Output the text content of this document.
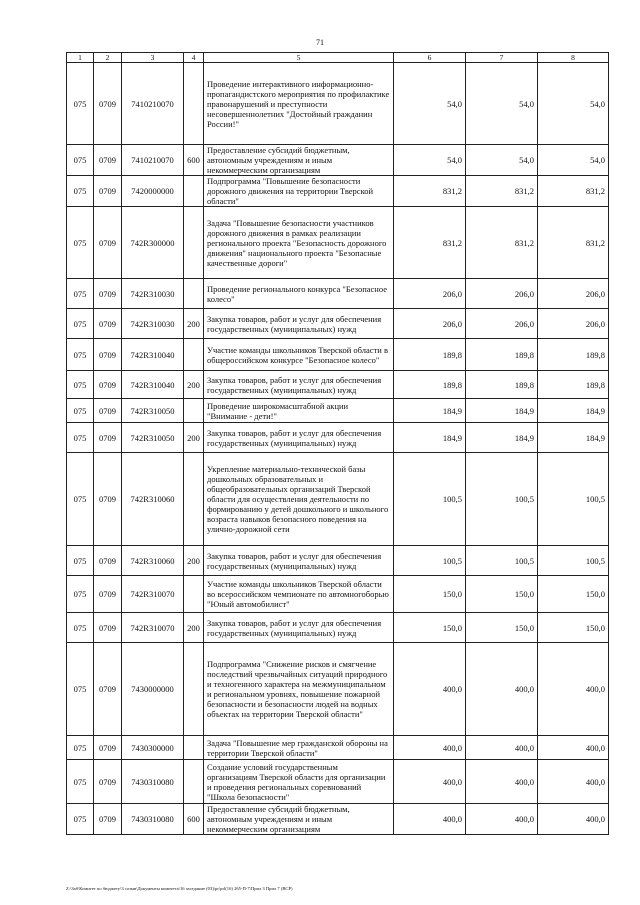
71
1	2	3	4	5	6	7	8
075	0709	7410210070		Проведение интерактивного информационно-пропагандистского мероприятия по профилактике правонарушений и преступности несовершеннолетних "Достойный гражданин России!"	54,0	54,0	54,0
075	0709	7410210070	600	Предоставление субсидий бюджетным, автономным учреждениям и иным некоммерческим организациям	54,0	54,0	54,0
075	0709	7420000000		Подпрограмма "Повышение безопасности дорожного движения на территории Тверской области"	831,2	831,2	831,2
075	0709	742R300000		Задача "Повышение безопасности участников дорожного движения в рамках реализации регионального проекта "Безопасность дорожного движения" национального проекта "Безопасные качественные дороги"	831,2	831,2	831,2
075	0709	742R310030		Проведение регионального конкурса "Безопасное колесо"	206,0	206,0	206,0
075	0709	742R310030	200	Закупка товаров, работ и услуг для обеспечения государственных (муниципальных) нужд	206,0	206,0	206,0
075	0709	742R310040		Участие команды школьников Тверской области в общероссийском конкурсе "Безопасное колесо"	189,8	189,8	189,8
075	0709	742R310040	200	Закупка товаров, работ и услуг для обеспечения государственных (муниципальных) нужд	189,8	189,8	189,8
075	0709	742R310050		Проведение широкомасштабной акции "Внимание - дети!"	184,9	184,9	184,9
075	0709	742R310050	200	Закупка товаров, работ и услуг для обеспечения государственных (муниципальных) нужд	184,9	184,9	184,9
075	0709	742R310060		Укрепление материально-технической базы дошкольных образовательных и общеобразовательных организаций Тверской области для осуществления деятельности по формированию у детей дошкольного и школьного возраста навыков безопасного поведения на улично-дорожной сети	100,5	100,5	100,5
075	0709	742R310060	200	Закупка товаров, работ и услуг для обеспечения государственных (муниципальных) нужд	100,5	100,5	100,5
075	0709	742R310070		Участие команды школьников Тверской области во всероссийском чемпионате по автомногоборью "Юный автомобилист"	150,0	150,0	150,0
075	0709	742R310070	200	Закупка товаров, работ и услуг для обеспечения государственных (муниципальных) нужд	150,0	150,0	150,0
075	0709	7430000000		Подпрограмма "Снижение рисков и смягчение последствий чрезвычайных ситуаций природного и техногенного характера на межмуниципальном и региональном уровнях, повышение пожарной безопасности и безопасности людей на водных объектах на территории Тверской области"	400,0	400,0	400,0
075	0709	7430300000		Задача "Повышение мер гражданской обороны на территории Тверской области"	400,0	400,0	400,0
075	0709	7430310080		Создание условий государственным организациям Тверской области для организации и проведения региональных соревнований "Школа безопасности"	400,0	400,0	400,0
075	0709	7430310080	600	Предоставление субсидий бюджетным, автономным учреждениям и иным некоммерческим организациям	400,0	400,0	400,0
Z:\Заб\Комитет по бюджету\3 созыв\Документы комитета\16 заседание (03)\pr\prl(16) 265-П-7\Прил 3 Прил 7 (ВСР)
